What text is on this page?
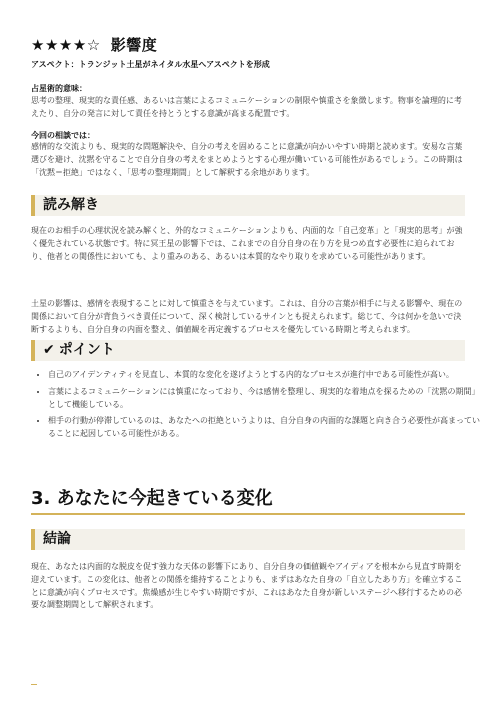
★★★★☆ 影響度
アスペクト：トランジット土星がネイタル水星へアスペクトを形成
占星術的意味：

思考の整理、現実的な責任感、あるいは言葉によるコミュニケーションの制限や慎重さを象徴します。物事を論理的に考えたり、自分の発言に対して責任を持とうとする意識が高まる配置です。

今回の相談では：

感情的な交流よりも、現実的な問題解決や、自分の考えを固めることに意識が向かいやすい時期と読めます。安易な言葉選びを避け、沈黙を守ることで自分自身の考えをまとめようとする心理が働いている可能性があるでしょう。この時期は「沈黙＝拒絶」ではなく、「思考の整理期間」として解釈する余地があります。

読み解き

現在のお相手の心理状況を読み解くと、外的なコミュニケーションよりも、内面的な「自己変革」と「現実的思考」が強く優先されている状態です。特に冥王星の影響下では、これまでの自分自身の在り方を見つめ直す必要性に迫られており、他者との関係性においても、より重みのある、あるいは本質的なやり取りを求めている可能性があります。

土星の影響は、感情を表現することに対して慎重さを与えています。これは、自分の言葉が相手に与える影響や、現在の関係において自分が背負うべき責任について、深く検討しているサインとも捉えられます。総じて、今は何かを急いで決断するよりも、自分自身の内面を整え、価値観を再定義するプロセスを優先している時期と考えられます。

✔ ポイント
• 自己のアイデンティティを見直し、本質的な変化を遂げようとする内的なプロセスが進行中である可能性が高い。
• 言葉によるコミュニケーションには慎重になっており、今は感情を整理し、現実的な着地点を探るための「沈黙の期間」として機能している。
• 相手の行動が停滞しているのは、あなたへの拒絶というよりは、自分自身の内面的な課題と向き合う必要性が高まっていることに起因している可能性がある。
3. あなたに今起きている変化
結論

現在、あなたは内面的な脱皮を促す強力な天体の影響下にあり、自分自身の価値観やアイディアを根本から見直す時期を迎えています。この変化は、他者との関係を維持することよりも、まずはあなた自身の「自立したあり方」を確立することに意識が向くプロセスです。焦燥感が生じやすい時期ですが、これはあなた自身が新しいステージへ移行するための必要な調整期間として解釈されます。
